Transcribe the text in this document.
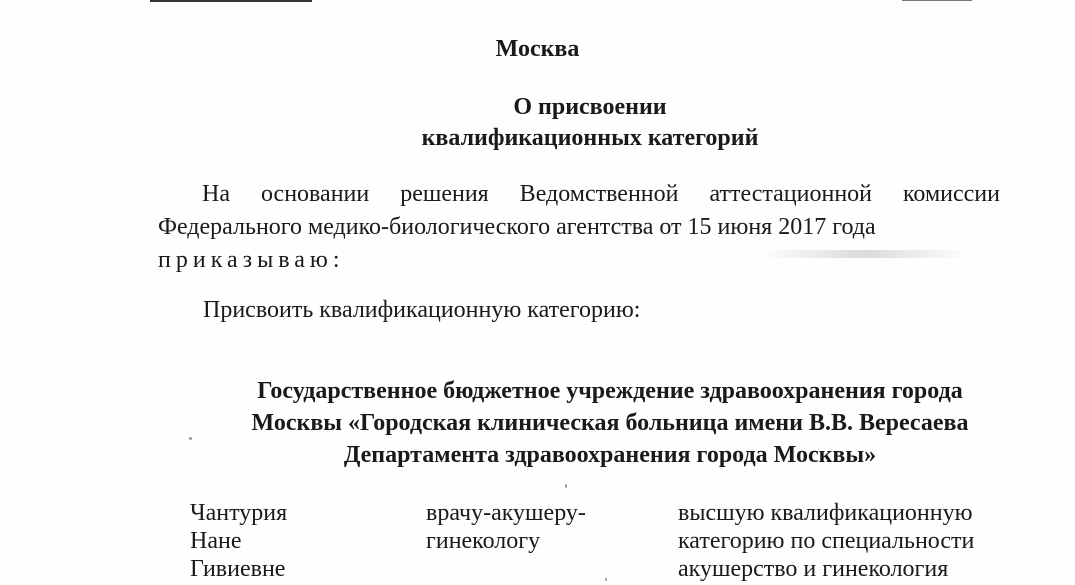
Москва
О присвоении
квалификационных категорий
На основании решения Ведомственной аттестационной комиссии
Федерального медико-биологического агентства от 15 июня 2017 года
приказываю:
Присвоить квалификационную категорию:
Государственное бюджетное учреждение здравоохранения города
Москвы «Городская клиническая больница имени В.В. Вересаева
Департамента здравоохранения города Москвы»
Чантурия
Нане
Гивиевне
врачу-акушеру-
гинекологу
высшую квалификационную
категорию по специальности
акушерство и гинекология
